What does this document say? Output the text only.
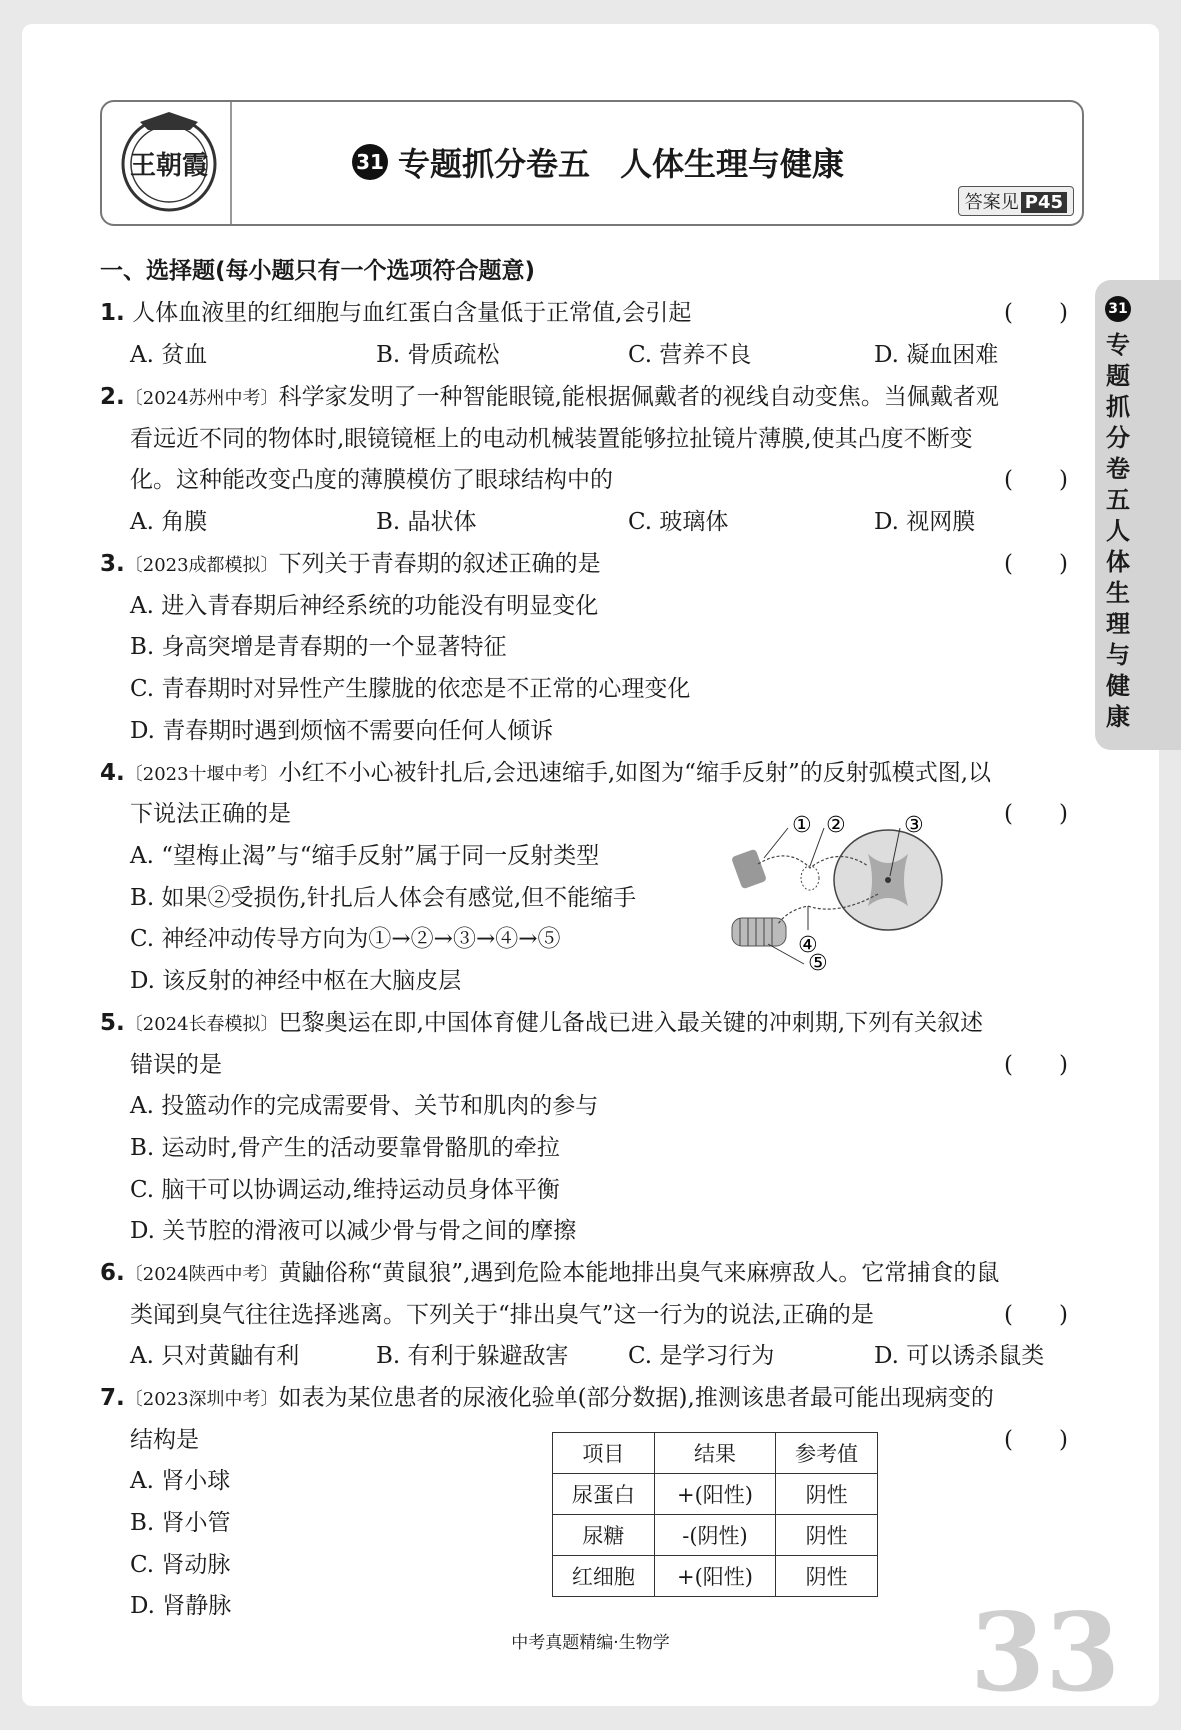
王朝霞	31 专题抓分卷五 人体生理与健康
答案见 P45
31
专题抓分卷五人体生理与健康
一、选择题(每小题只有一个选项符合题意)
1. 人体血液里的红细胞与血红蛋白含量低于正常值,会引起	(　　)
A. 贫血	B. 骨质疏松	C. 营养不良	D. 凝血困难
2.〔2024苏州中考〕科学家发明了一种智能眼镜,能根据佩戴者的视线自动变焦。当佩戴者观
看远近不同的物体时,眼镜镜框上的电动机械装置能够拉扯镜片薄膜,使其凸度不断变
化。这种能改变凸度的薄膜模仿了眼球结构中的	(　　)
A. 角膜	B. 晶状体	C. 玻璃体	D. 视网膜
3.〔2023成都模拟〕下列关于青春期的叙述正确的是	(　　)
A. 进入青春期后神经系统的功能没有明显变化
B. 身高突增是青春期的一个显著特征
C. 青春期时对异性产生朦胧的依恋是不正常的心理变化
D. 青春期时遇到烦恼不需要向任何人倾诉
4.〔2023十堰中考〕小红不小心被针扎后,会迅速缩手,如图为“缩手反射”的反射弧模式图,以
下说法正确的是	(　　)
A. “望梅止渴”与“缩手反射”属于同一反射类型
B. 如果②受损伤,针扎后人体会有感觉,但不能缩手
C. 神经冲动传导方向为①→②→③→④→⑤
D. 该反射的神经中枢在大脑皮层
① ②	③
④
⑤
5.〔2024长春模拟〕巴黎奥运在即,中国体育健儿备战已进入最关键的冲刺期,下列有关叙述
错误的是	(　　)
A. 投篮动作的完成需要骨、关节和肌肉的参与
B. 运动时,骨产生的活动要靠骨骼肌的牵拉
C. 脑干可以协调运动,维持运动员身体平衡
D. 关节腔的滑液可以减少骨与骨之间的摩擦
6.〔2024陕西中考〕黄鼬俗称“黄鼠狼”,遇到危险本能地排出臭气来麻痹敌人。它常捕食的鼠
类闻到臭气往往选择逃离。下列关于“排出臭气”这一行为的说法,正确的是	(　　)
A. 只对黄鼬有利	B. 有利于躲避敌害	C. 是学习行为	D. 可以诱杀鼠类
7.〔2023深圳中考〕如表为某位患者的尿液化验单(部分数据),推测该患者最可能出现病变的
结构是	(　　)
A. 肾小球
B. 肾小管
C. 肾动脉
D. 肾静脉
项目	结果	参考值
尿蛋白	+(阳性)	阴性
尿糖	-(阴性)	阴性
红细胞	+(阳性)	阴性
33
中考真题精编·生物学
